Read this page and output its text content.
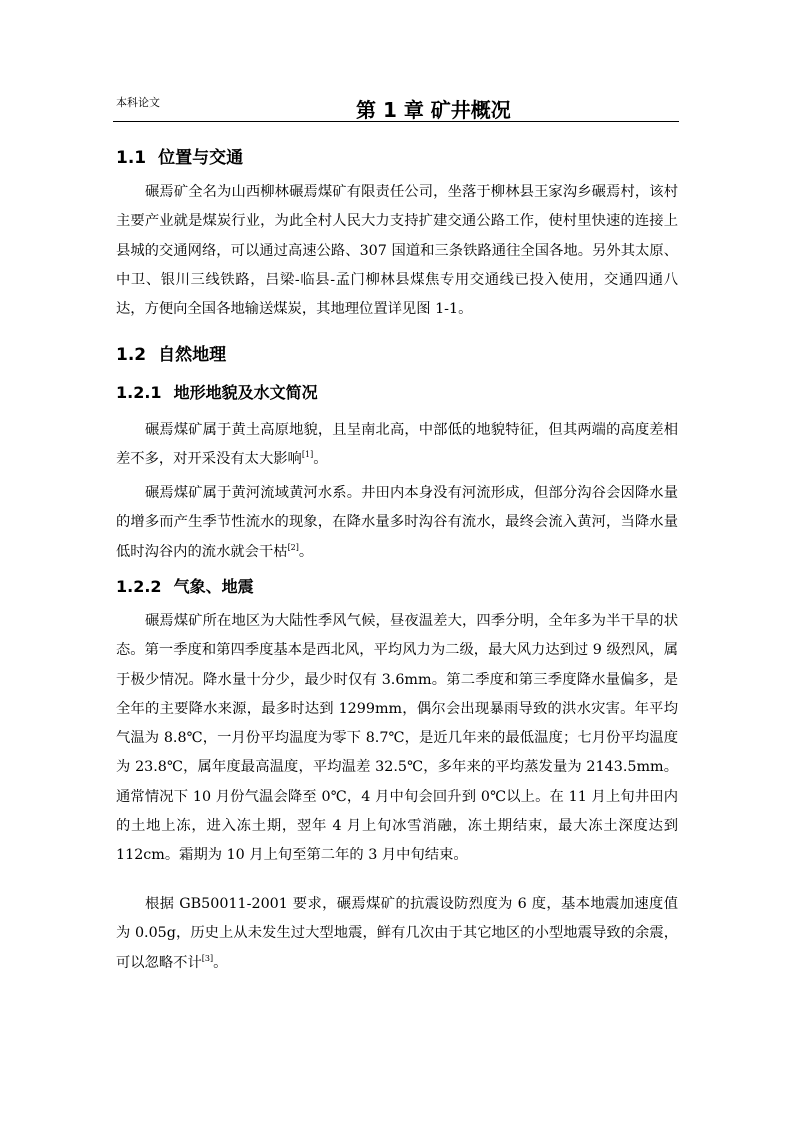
本科论文	第 1 章 矿井概况
1.1 位置与交通
碾焉矿全名为山西柳林碾焉煤矿有限责任公司，坐落于柳林县王家沟乡碾焉村，该村主要产业就是煤炭行业，为此全村人民大力支持扩建交通公路工作，使村里快速的连接上县城的交通网络，可以通过高速公路、307 国道和三条铁路通往全国各地。另外其太原、中卫、银川三线铁路，吕梁-临县-孟门柳林县煤焦专用交通线已投入使用，交通四通八达，方便向全国各地输送煤炭，其地理位置详见图 1-1。
1.2 自然地理
1.2.1 地形地貌及水文简况
碾焉煤矿属于黄土高原地貌，且呈南北高，中部低的地貌特征，但其两端的高度差相差不多，对开采没有太大影响[1]。
碾焉煤矿属于黄河流域黄河水系。井田内本身没有河流形成，但部分沟谷会因降水量的增多而产生季节性流水的现象，在降水量多时沟谷有流水，最终会流入黄河，当降水量低时沟谷内的流水就会干枯[2]。
1.2.2 气象、地震
碾焉煤矿所在地区为大陆性季风气候，昼夜温差大，四季分明，全年多为半干旱的状态。第一季度和第四季度基本是西北风，平均风力为二级，最大风力达到过 9 级烈风，属于极少情况。降水量十分少，最少时仅有 3.6mm。第二季度和第三季度降水量偏多，是全年的主要降水来源，最多时达到 1299mm，偶尔会出现暴雨导致的洪水灾害。年平均气温为 8.8℃，一月份平均温度为零下 8.7℃，是近几年来的最低温度；七月份平均温度为 23.8℃，属年度最高温度，平均温差 32.5℃，多年来的平均蒸发量为 2143.5mm。通常情况下 10 月份气温会降至 0℃，4 月中旬会回升到 0℃以上。在 11 月上旬井田内的土地上冻，进入冻土期，翌年 4 月上旬冰雪消融，冻土期结束，最大冻土深度达到 112cm。霜期为 10 月上旬至第二年的 3 月中旬结束。
根据 GB50011-2001 要求，碾焉煤矿的抗震设防烈度为 6 度，基本地震加速度值为 0.05g，历史上从未发生过大型地震，鲜有几次由于其它地区的小型地震导致的余震，可以忽略不计[3]。
